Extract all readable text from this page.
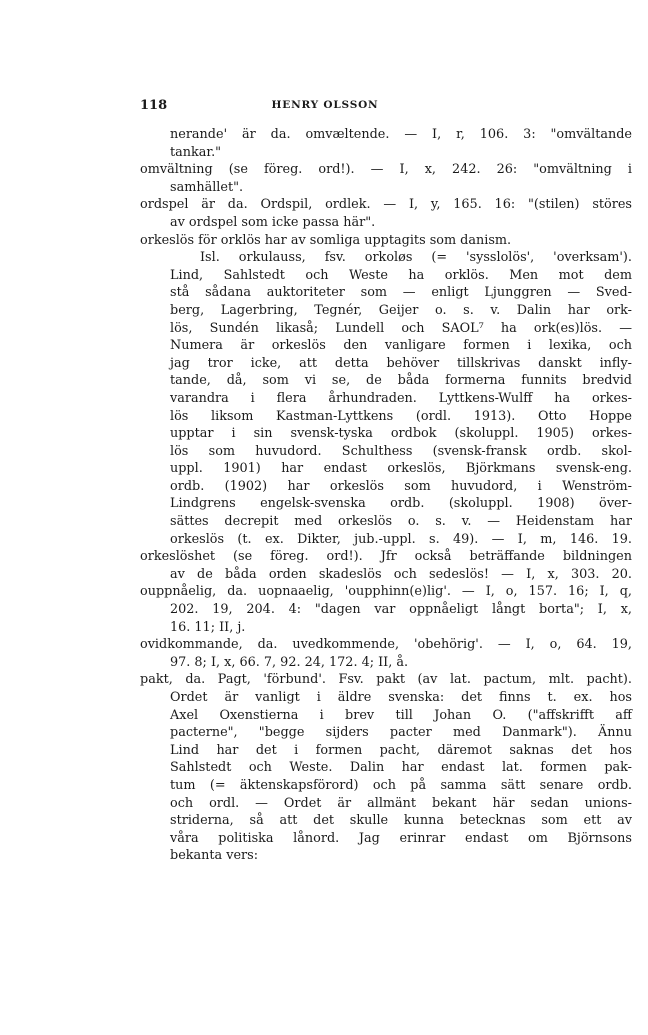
118	HENRY OLSSON
nerande' är da. omvæltende. — I, r, 106. 3: "omvältande
tankar."
omvältning (se föreg. ord!). — I, x, 242. 26: "omvältning i
samhället".
ordspel är da. Ordspil, ordlek. — I, y, 165. 16: "(stilen) störes
av ordspel som icke passa här".
orkeslös för orklös har av somliga upptagits som danism.
Isl. orkulauss, fsv. orkoløs (= 'sysslolös', 'overksam').
Lind, Sahlstedt och Weste ha orklös. Men mot dem
stå sådana auktoriteter som — enligt Ljunggren — Sved-
berg, Lagerbring, Tegnér, Geijer o. s. v. Dalin har ork-
lös, Sundén likaså; Lundell och SAOL⁷ ha ork(es)lös. —
Numera är orkeslös den vanligare formen i lexika, och
jag tror icke, att detta behöver tillskrivas danskt infly-
tande, då, som vi se, de båda formerna funnits bredvid
varandra i flera århundraden. Lyttkens-Wulff ha orkes-
lös liksom Kastman-Lyttkens (ordl. 1913). Otto Hoppe
upptar i sin svensk-tyska ordbok (skoluppl. 1905) orkes-
lös som huvudord. Schulthess (svensk-fransk ordb. skol-
uppl. 1901) har endast orkeslös, Björkmans svensk-eng.
ordb. (1902) har orkeslös som huvudord, i Wenström-
Lindgrens engelsk-svenska ordb. (skoluppl. 1908) över-
sättes decrepit med orkeslös o. s. v. — Heidenstam har
orkeslös (t. ex. Dikter, jub.-uppl. s. 49). — I, m, 146. 19.
orkeslöshet (se föreg. ord!). Jfr också beträffande bildningen
av de båda orden skadeslös och sedeslös! — I, x, 303. 20.
ouppnåelig, da. uopnaaelig, 'oupphinn(e)lig'. — I, o, 157. 16; I, q,
202. 19, 204. 4: "dagen var oppnåeligt långt borta"; I, x,
16. 11; II, j.
ovidkommande, da. uvedkommende, 'obehörig'. — I, o, 64. 19,
97. 8; I, x, 66. 7, 92. 24, 172. 4; II, å.
pakt, da. Pagt, 'förbund'. Fsv. pakt (av lat. pactum, mlt. pacht).
Ordet är vanligt i äldre svenska: det finns t. ex. hos
Axel Oxenstierna i brev till Johan O. ("affskrifft aff
pacterne", "begge sijders pacter med Danmark"). Ännu
Lind har det i formen pacht, däremot saknas det hos
Sahlstedt och Weste. Dalin har endast lat. formen pak-
tum (= äktenskapsförord) och på samma sätt senare ordb.
och ordl. — Ordet är allmänt bekant här sedan unions-
striderna, så att det skulle kunna betecknas som ett av
våra politiska lånord. Jag erinrar endast om Björnsons
bekanta vers:
